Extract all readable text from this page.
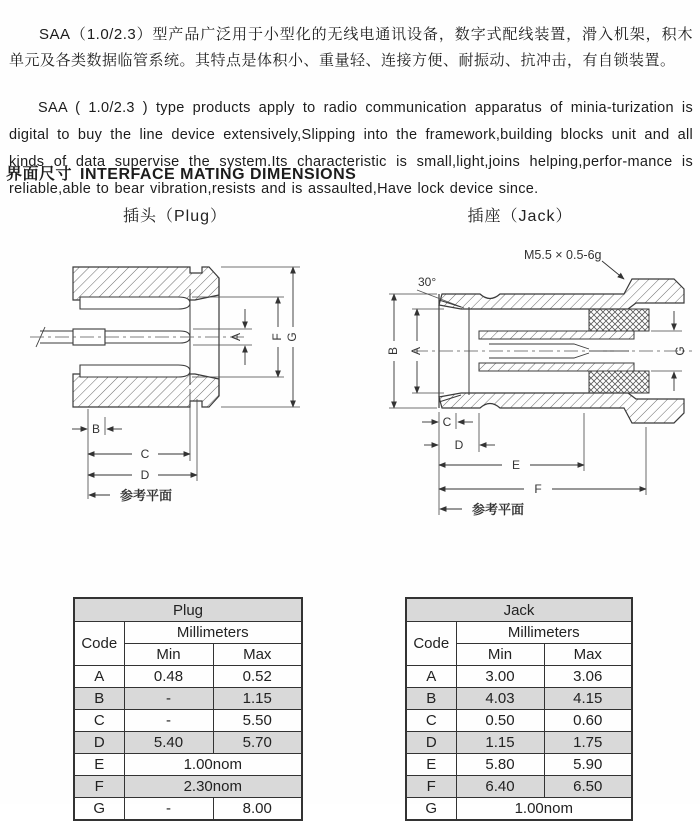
SAA（1.0/2.3）型产品广泛用于小型化的无线电通讯设备，数字式配线装置，滑入机架，积木单元及各类数据临管系统。其特点是体积小、重量轻、连接方便、耐振动、抗冲击，有自锁装置。

SAA ( 1.0/2.3 ) type products apply to radio communication apparatus of minia-turization is digital to buy the line device extensively,Slipping into the framework,building blocks unit and all kinds of data supervise the system.Its characteristic is small,light,joins helping,perfor-mance is reliable,able to bear vibration,resists and is assaulted,Have lock device since.

界面尺寸 INTERFACE MATING DIMENSIONS
插头（Plug）	插座（Jack）
A F G
B
C
D
参考平面
M5.5 × 0.5-6g
30°
B A	G
C
D
E
F
参考平面
Plug		
Code	Millimeters	
	Min	Max
A	0.48	0.52
B	-	1.15
C	-	5.50
D	5.40	5.70
E	1.00nom	
F	2.30nom	
G	-	8.00
Jack		
Code	Millimeters	
	Min	Max
A	3.00	3.06
B	4.03	4.15
C	0.50	0.60
D	1.15	1.75
E	5.80	5.90
F	6.40	6.50
G	1.00nom	
